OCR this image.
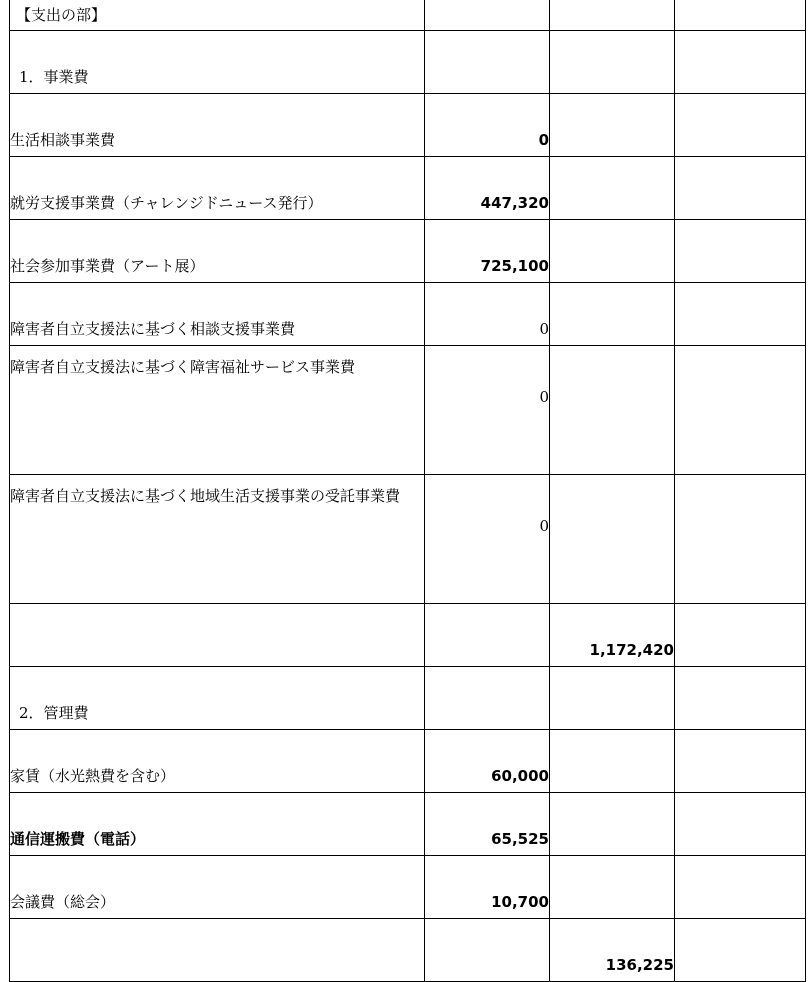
【支出の部】			
1．事業費			
生活相談事業費	0		
就労支援事業費（チャレンジドニュース発行）	447,320		
社会参加事業費（アート展）	725,100		
障害者自立支援法に基づく相談支援事業費	0		
障害者自立支援法に基づく障害福祉サービス事業費	0		
障害者自立支援法に基づく地域生活支援事業の受託事業費	0		
		1,172,420	
2．管理費			
家賃（水光熱費を含む）	60,000		
通信運搬費（電話）	65,525		
会議費（総会）	10,700		
		136,225	
